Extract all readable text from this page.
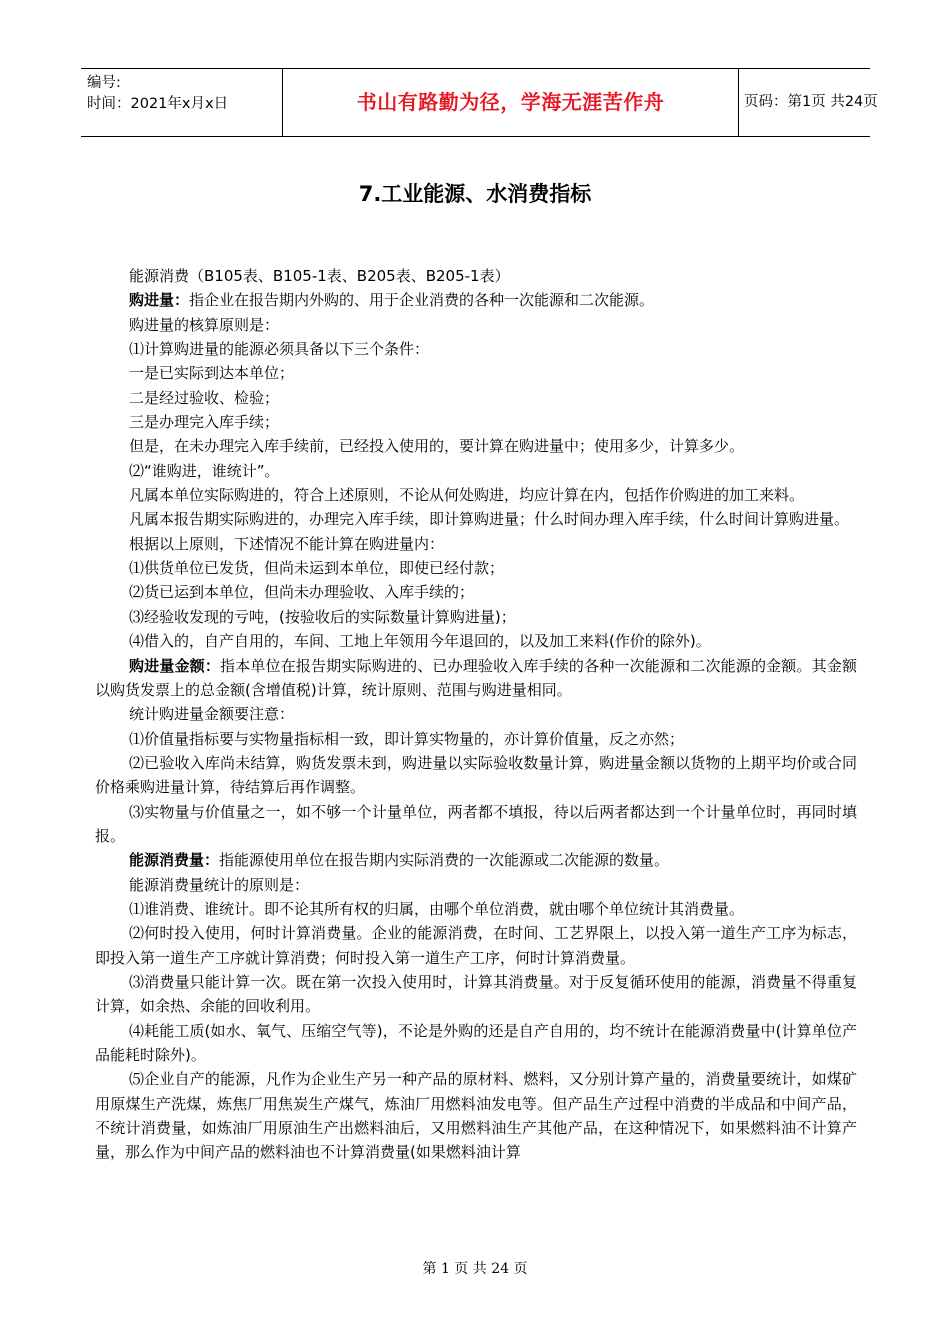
编号:
时间：2021年x月x日	书山有路勤为径，学海无涯苦作舟	页码：第1页 共24页
7.工业能源、水消费指标

能源消费（B105表、B105-1表、B205表、B205-1表）

购进量：指企业在报告期内外购的、用于企业消费的各种一次能源和二次能源。

购进量的核算原则是：

⑴计算购进量的能源必须具备以下三个条件：

一是已实际到达本单位；

二是经过验收、检验；

三是办理完入库手续；

但是，在未办理完入库手续前，已经投入使用的，要计算在购进量中；使用多少，计算多少。

⑵“谁购进，谁统计”。

凡属本单位实际购进的，符合上述原则，不论从何处购进，均应计算在内，包括作价购进的加工来料。

凡属本报告期实际购进的，办理完入库手续，即计算购进量；什么时间办理入库手续，什么时间计算购进量。

根据以上原则，下述情况不能计算在购进量内：

⑴供货单位已发货，但尚未运到本单位，即使已经付款；

⑵货已运到本单位，但尚未办理验收、入库手续的；

⑶经验收发现的亏吨，(按验收后的实际数量计算购进量)；

⑷借入的，自产自用的，车间、工地上年领用今年退回的，以及加工来料(作价的除外)。

购进量金额：指本单位在报告期实际购进的、已办理验收入库手续的各种一次能源和二次能源的金额。其金额以购货发票上的总金额(含增值税)计算，统计原则、范围与购进量相同。

统计购进量金额要注意：

⑴价值量指标要与实物量指标相一致，即计算实物量的，亦计算价值量，反之亦然；

⑵已验收入库尚未结算，购货发票未到，购进量以实际验收数量计算，购进量金额以货物的上期平均价或合同价格乘购进量计算，待结算后再作调整。

⑶实物量与价值量之一，如不够一个计量单位，两者都不填报，待以后两者都达到一个计量单位时，再同时填报。

能源消费量：指能源使用单位在报告期内实际消费的一次能源或二次能源的数量。

能源消费量统计的原则是：

⑴谁消费、谁统计。即不论其所有权的归属，由哪个单位消费，就由哪个单位统计其消费量。

⑵何时投入使用，何时计算消费量。企业的能源消费，在时间、工艺界限上，以投入第一道生产工序为标志，即投入第一道生产工序就计算消费；何时投入第一道生产工序，何时计算消费量。

⑶消费量只能计算一次。既在第一次投入使用时，计算其消费量。对于反复循环使用的能源，消费量不得重复计算，如余热、余能的回收利用。

⑷耗能工质(如水、氧气、压缩空气等)，不论是外购的还是自产自用的，均不统计在能源消费量中(计算单位产品能耗时除外)。

⑸企业自产的能源，凡作为企业生产另一种产品的原材料、燃料，又分别计算产量的，消费量要统计，如煤矿用原煤生产洗煤，炼焦厂用焦炭生产煤气，炼油厂用燃料油发电等。但产品生产过程中消费的半成品和中间产品，不统计消费量，如炼油厂用原油生产出燃料油后，又用燃料油生产其他产品，在这种情况下，如果燃料油不计算产量，那么作为中间产品的燃料油也不计算消费量(如果燃料油计算

第 1 页 共 24 页
